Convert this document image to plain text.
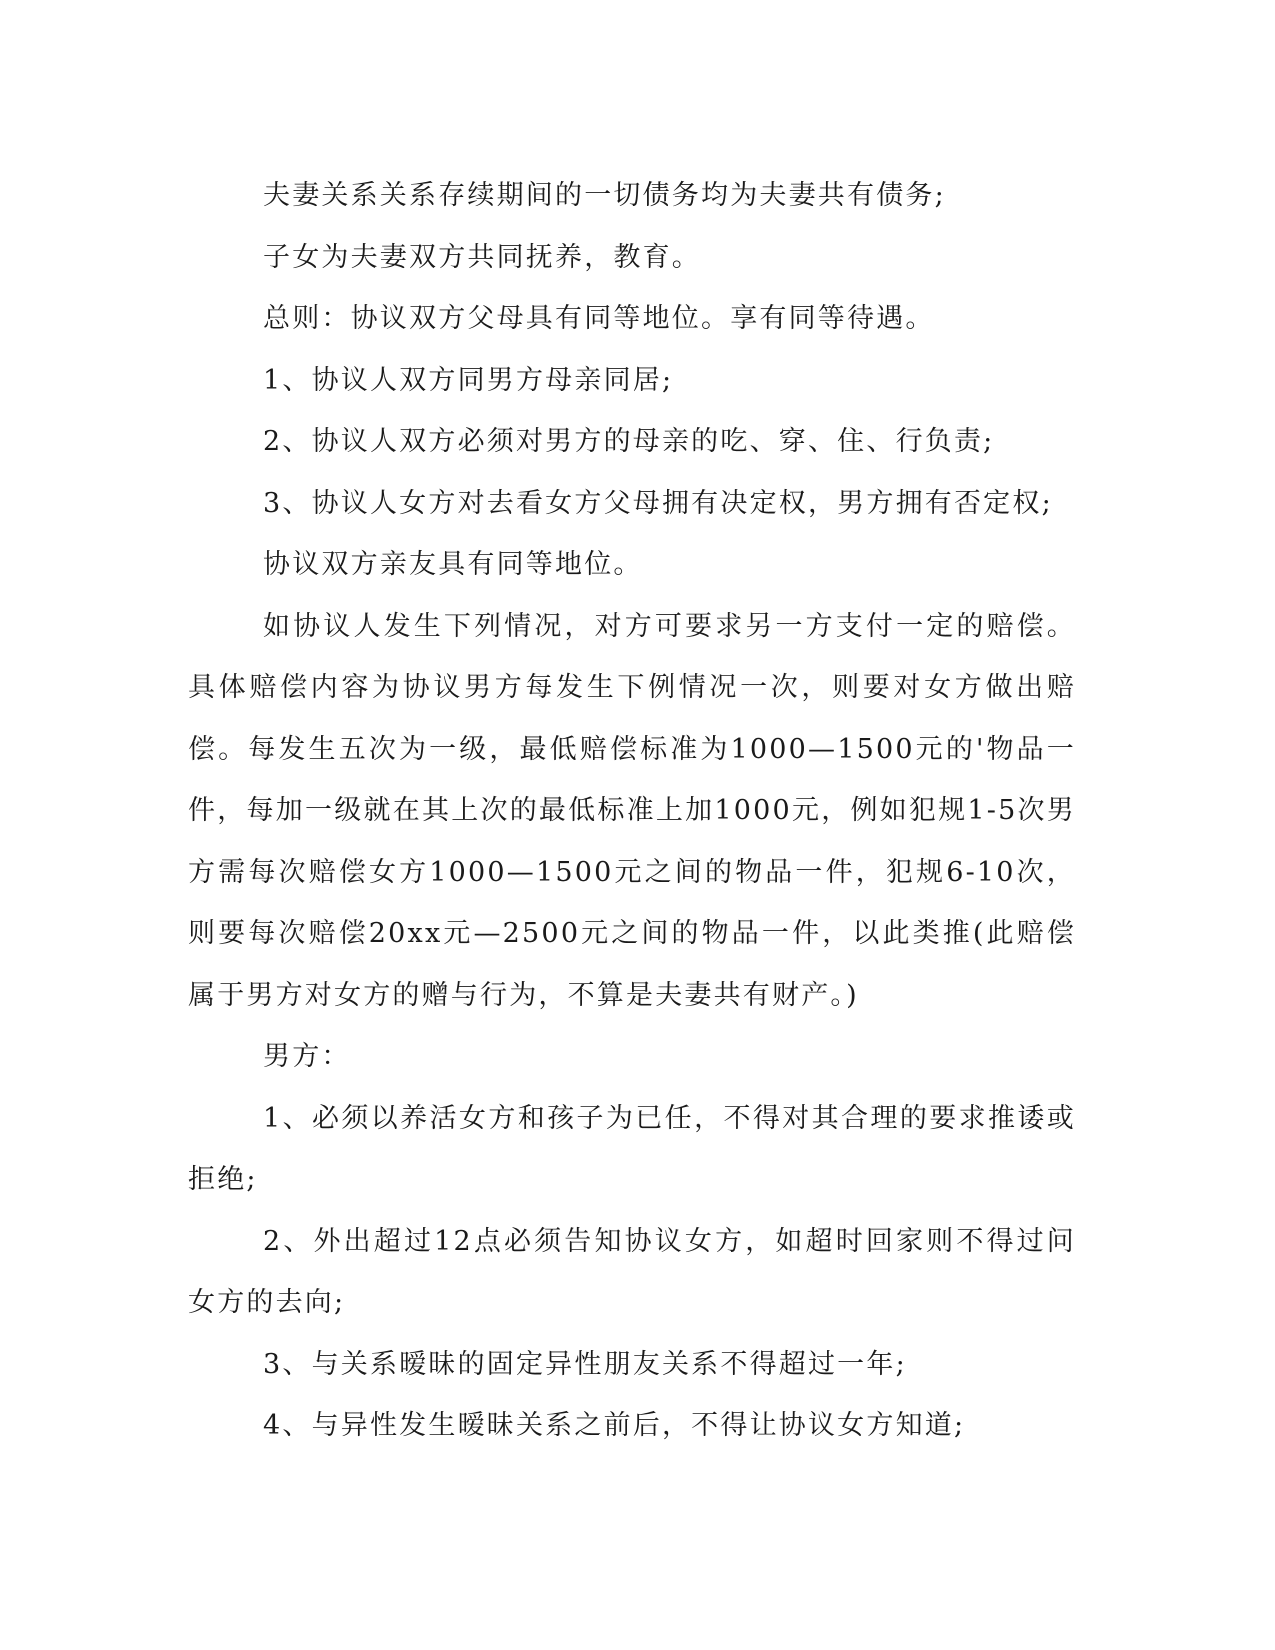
夫妻关系关系存续期间的一切债务均为夫妻共有债务;

子女为夫妻双方共同抚养，教育。

总则：协议双方父母具有同等地位。享有同等待遇。

1、协议人双方同男方母亲同居;

2、协议人双方必须对男方的母亲的吃、穿、住、行负责;

3、协议人女方对去看女方父母拥有决定权，男方拥有否定权;

协议双方亲友具有同等地位。

如协议人发生下列情况，对方可要求另一方支付一定的赔偿。具体赔偿内容为协议男方每发生下例情况一次，则要对女方做出赔偿。每发生五次为一级，最低赔偿标准为1000—1500元的'物品一件，每加一级就在其上次的最低标准上加1000元，例如犯规1-5次男方需每次赔偿女方1000—1500元之间的物品一件，犯规6-10次，则要每次赔偿20xx元—2500元之间的物品一件，以此类推(此赔偿属于男方对女方的赠与行为，不算是夫妻共有财产。)

男方：

1、必须以养活女方和孩子为已任，不得对其合理的要求推诿或拒绝;

2、外出超过12点必须告知协议女方，如超时回家则不得过问女方的去向;

3、与关系暧昧的固定异性朋友关系不得超过一年;

4、与异性发生暧昧关系之前后，不得让协议女方知道;
